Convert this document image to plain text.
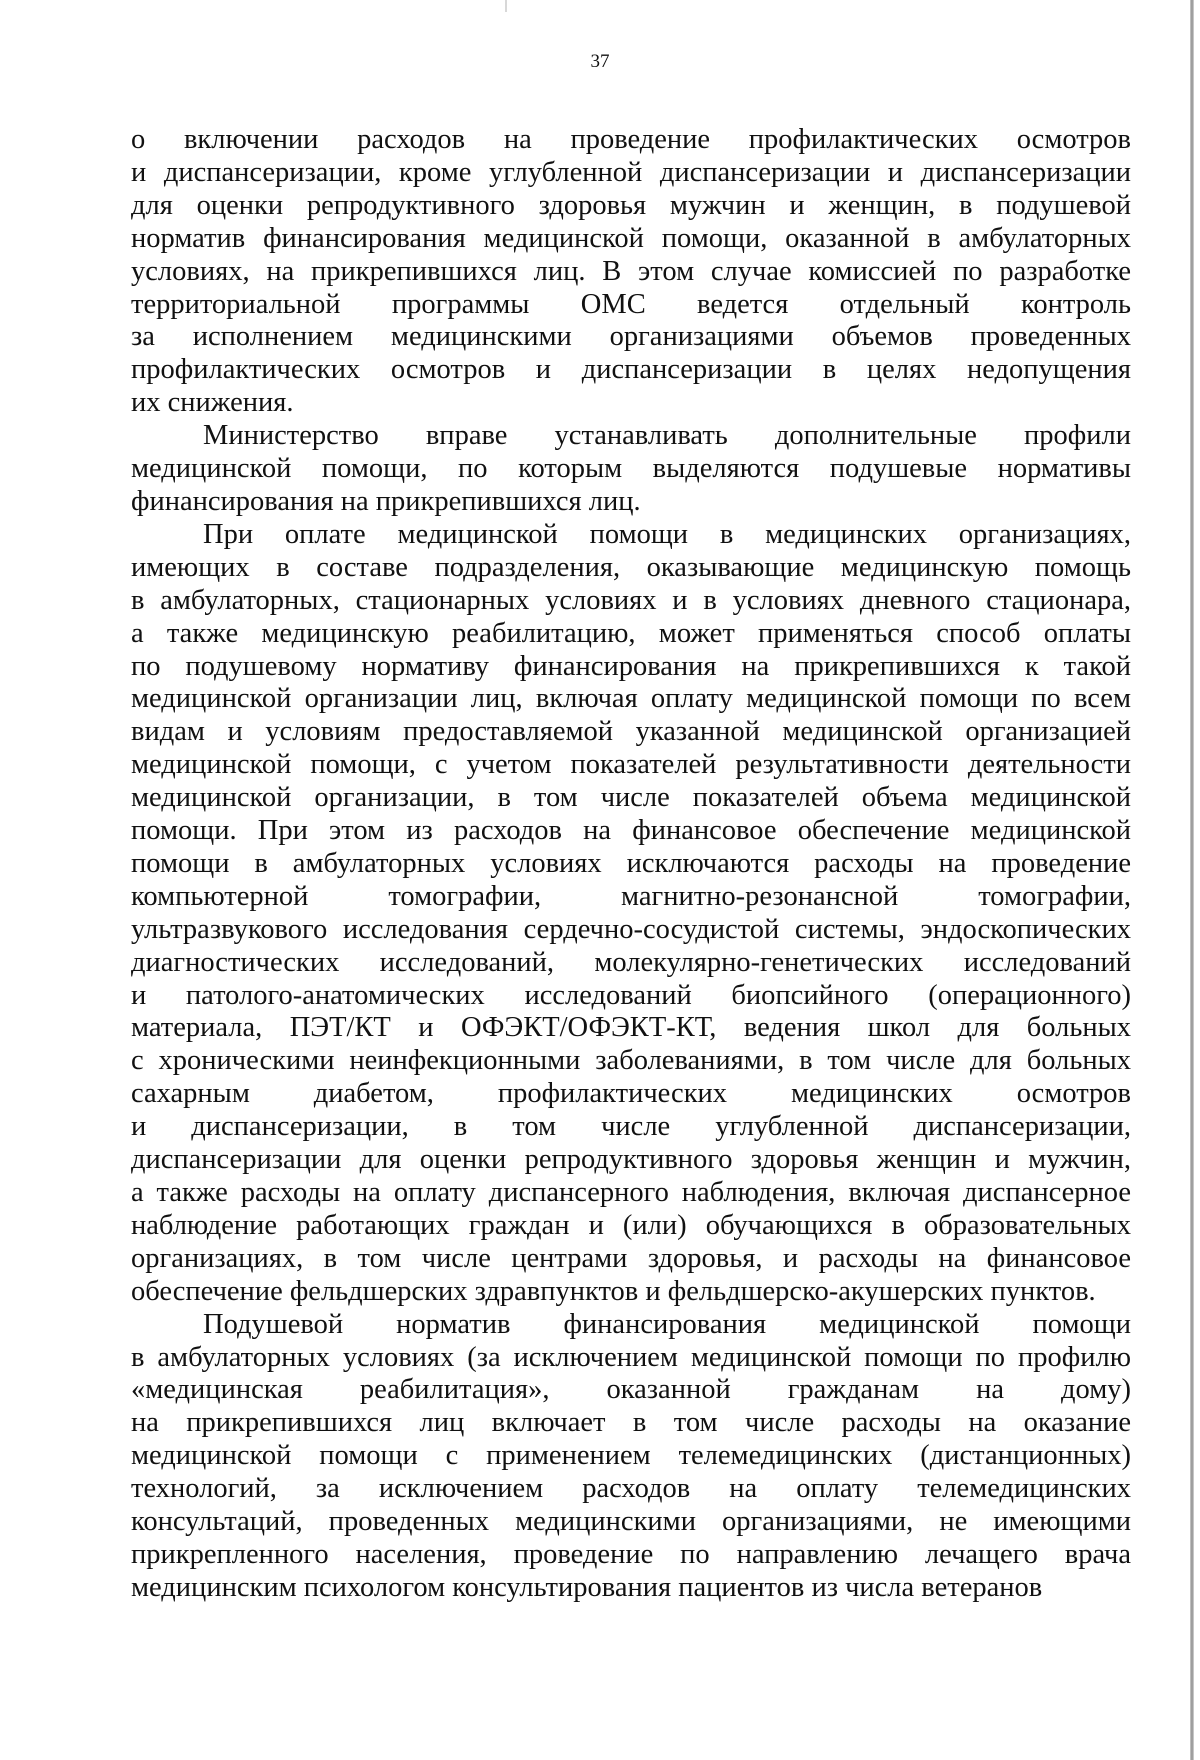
37
о включении расходов на проведение профилактических осмотров
и диспансеризации, кроме углубленной диспансеризации и диспансеризации
для оценки репродуктивного здоровья мужчин и женщин, в подушевой
норматив финансирования медицинской помощи, оказанной в амбулаторных
условиях, на прикрепившихся лиц. В этом случае комиссией по разработке
территориальной программы ОМС ведется отдельный контроль
за исполнением медицинскими организациями объемов проведенных
профилактических осмотров и диспансеризации в целях недопущения
их снижения.
Министерство вправе устанавливать дополнительные профили
медицинской помощи, по которым выделяются подушевые нормативы
финансирования на прикрепившихся лиц.
При оплате медицинской помощи в медицинских организациях,
имеющих в составе подразделения, оказывающие медицинскую помощь
в амбулаторных, стационарных условиях и в условиях дневного стационара,
а также медицинскую реабилитацию, может применяться способ оплаты
по подушевому нормативу финансирования на прикрепившихся к такой
медицинской организации лиц, включая оплату медицинской помощи по всем
видам и условиям предоставляемой указанной медицинской организацией
медицинской помощи, с учетом показателей результативности деятельности
медицинской организации, в том числе показателей объема медицинской
помощи. При этом из расходов на финансовое обеспечение медицинской
помощи в амбулаторных условиях исключаются расходы на проведение
компьютерной томографии, магнитно-резонансной томографии,
ультразвукового исследования сердечно-сосудистой системы, эндоскопических
диагностических исследований, молекулярно-генетических исследований
и патолого-анатомических исследований биопсийного (операционного)
материала, ПЭТ/КТ и ОФЭКТ/ОФЭКТ-КТ, ведения школ для больных
с хроническими неинфекционными заболеваниями, в том числе для больных
сахарным диабетом, профилактических медицинских осмотров
и диспансеризации, в том числе углубленной диспансеризации,
диспансеризации для оценки репродуктивного здоровья женщин и мужчин,
а также расходы на оплату диспансерного наблюдения, включая диспансерное
наблюдение работающих граждан и (или) обучающихся в образовательных
организациях, в том числе центрами здоровья, и расходы на финансовое
обеспечение фельдшерских здравпунктов и фельдшерско-акушерских пунктов.
Подушевой норматив финансирования медицинской помощи
в амбулаторных условиях (за исключением медицинской помощи по профилю
«медицинская реабилитация», оказанной гражданам на дому)
на прикрепившихся лиц включает в том числе расходы на оказание
медицинской помощи с применением телемедицинских (дистанционных)
технологий, за исключением расходов на оплату телемедицинских
консультаций, проведенных медицинскими организациями, не имеющими
прикрепленного населения, проведение по направлению лечащего врача
медицинским психологом консультирования пациентов из числа ветеранов
